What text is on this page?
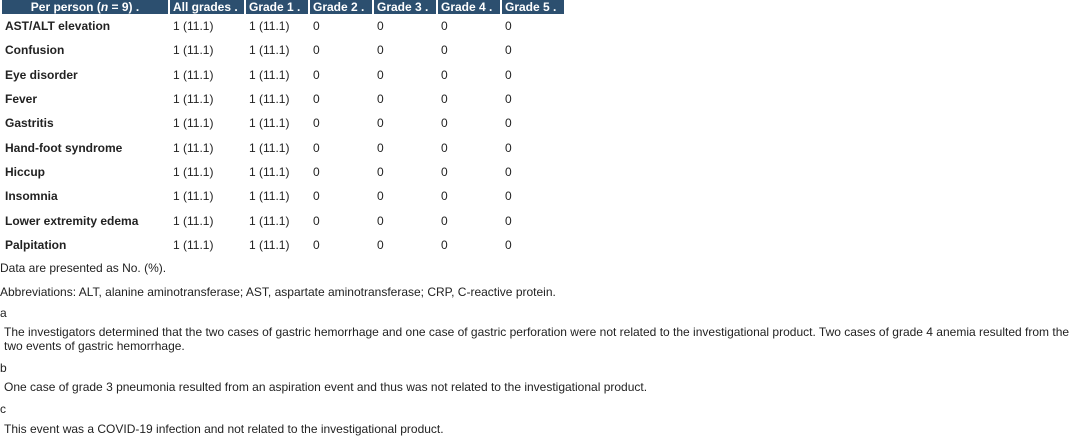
Per person (n = 9) .	All grades .	Grade 1 .	Grade 2 .	Grade 3 .	Grade 4 .	Grade 5 .
AST/ALT elevation	1 (11.1)	1 (11.1)	0	0	0	0
Confusion	1 (11.1)	1 (11.1)	0	0	0	0
Eye disorder	1 (11.1)	1 (11.1)	0	0	0	0
Fever	1 (11.1)	1 (11.1)	0	0	0	0
Gastritis	1 (11.1)	1 (11.1)	0	0	0	0
Hand-foot syndrome	1 (11.1)	1 (11.1)	0	0	0	0
Hiccup	1 (11.1)	1 (11.1)	0	0	0	0
Insomnia	1 (11.1)	1 (11.1)	0	0	0	0
Lower extremity edema	1 (11.1)	1 (11.1)	0	0	0	0
Palpitation	1 (11.1)	1 (11.1)	0	0	0	0

Data are presented as No. (%).

Abbreviations: ALT, alanine aminotransferase; AST, aspartate aminotransferase; CRP, C-reactive protein.

a

The investigators determined that the two cases of gastric hemorrhage and one case of gastric perforation were not related to the investigational product. Two cases of grade 4 anemia resulted from the two events of gastric hemorrhage.

b

One case of grade 3 pneumonia resulted from an aspiration event and thus was not related to the investigational product.

c

This event was a COVID-19 infection and not related to the investigational product.
